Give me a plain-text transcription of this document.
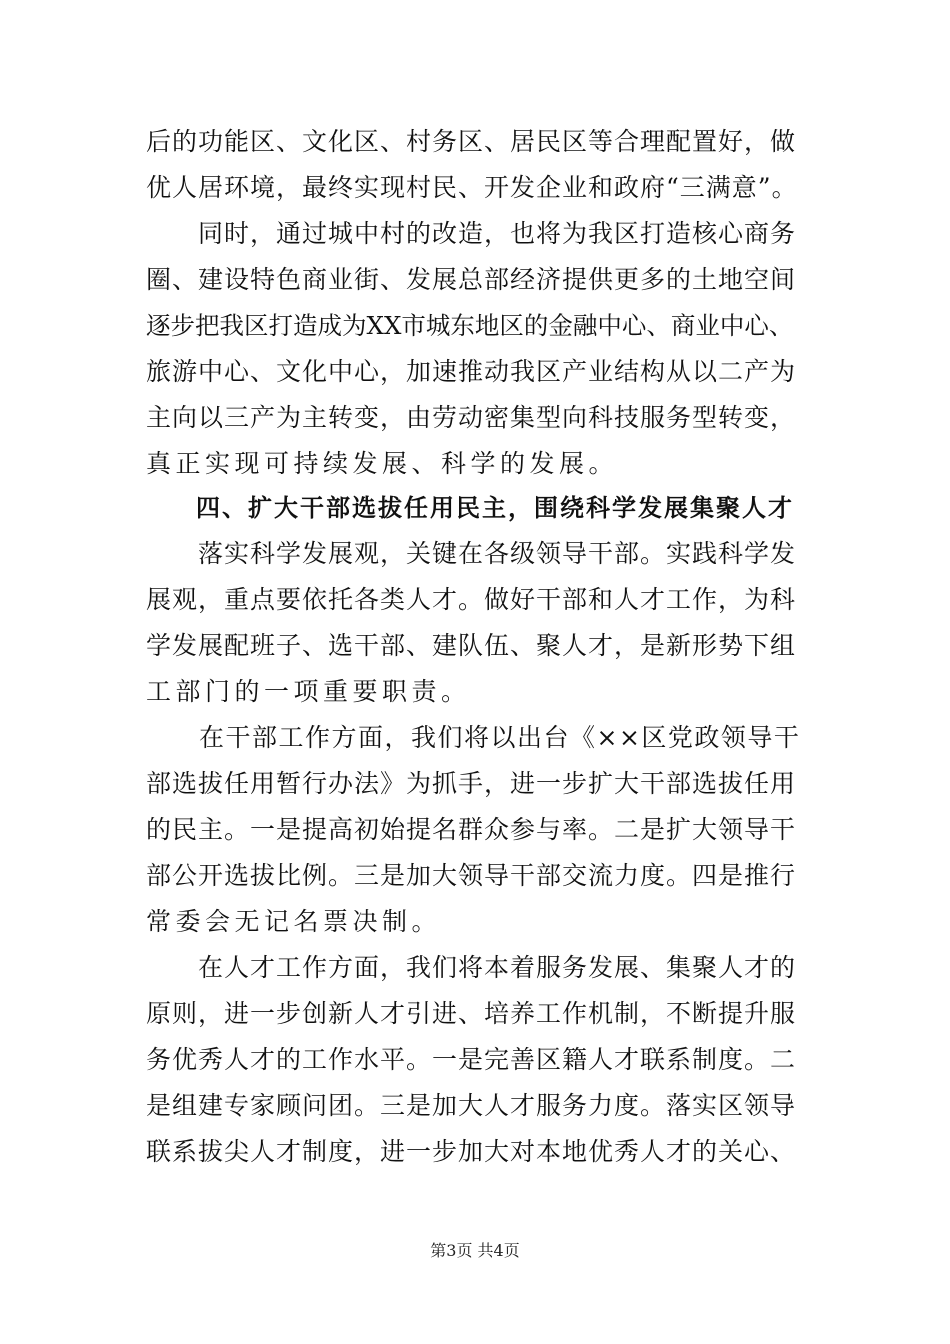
后的功能区、文化区、村务区、居民区等合理配置好，做
优人居环境，最终实现村民、开发企业和政府“三满意”。
　　同时，通过城中村的改造，也将为我区打造核心商务
圈、建设特色商业街、发展总部经济提供更多的土地空间
逐步把我区打造成为XX市城东地区的金融中心、商业中心、
旅游中心、文化中心，加速推动我区产业结构从以二产为
主向以三产为主转变，由劳动密集型向科技服务型转变，
真正实现可持续发展、科学的发展。
四、扩大干部选拔任用民主，围绕科学发展集聚人才
　　落实科学发展观，关键在各级领导干部。实践科学发
展观，重点要依托各类人才。做好干部和人才工作，为科
学发展配班子、选干部、建队伍、聚人才，是新形势下组
工部门的一项重要职责。
　　在干部工作方面，我们将以出台《××区党政领导干
部选拔任用暂行办法》为抓手，进一步扩大干部选拔任用
的民主。一是提高初始提名群众参与率。二是扩大领导干
部公开选拔比例。三是加大领导干部交流力度。四是推行
常委会无记名票决制。
　　在人才工作方面，我们将本着服务发展、集聚人才的
原则，进一步创新人才引进、培养工作机制，不断提升服
务优秀人才的工作水平。一是完善区籍人才联系制度。二
是组建专家顾问团。三是加大人才服务力度。落实区领导
联系拔尖人才制度，进一步加大对本地优秀人才的关心、
第3页 共4页
